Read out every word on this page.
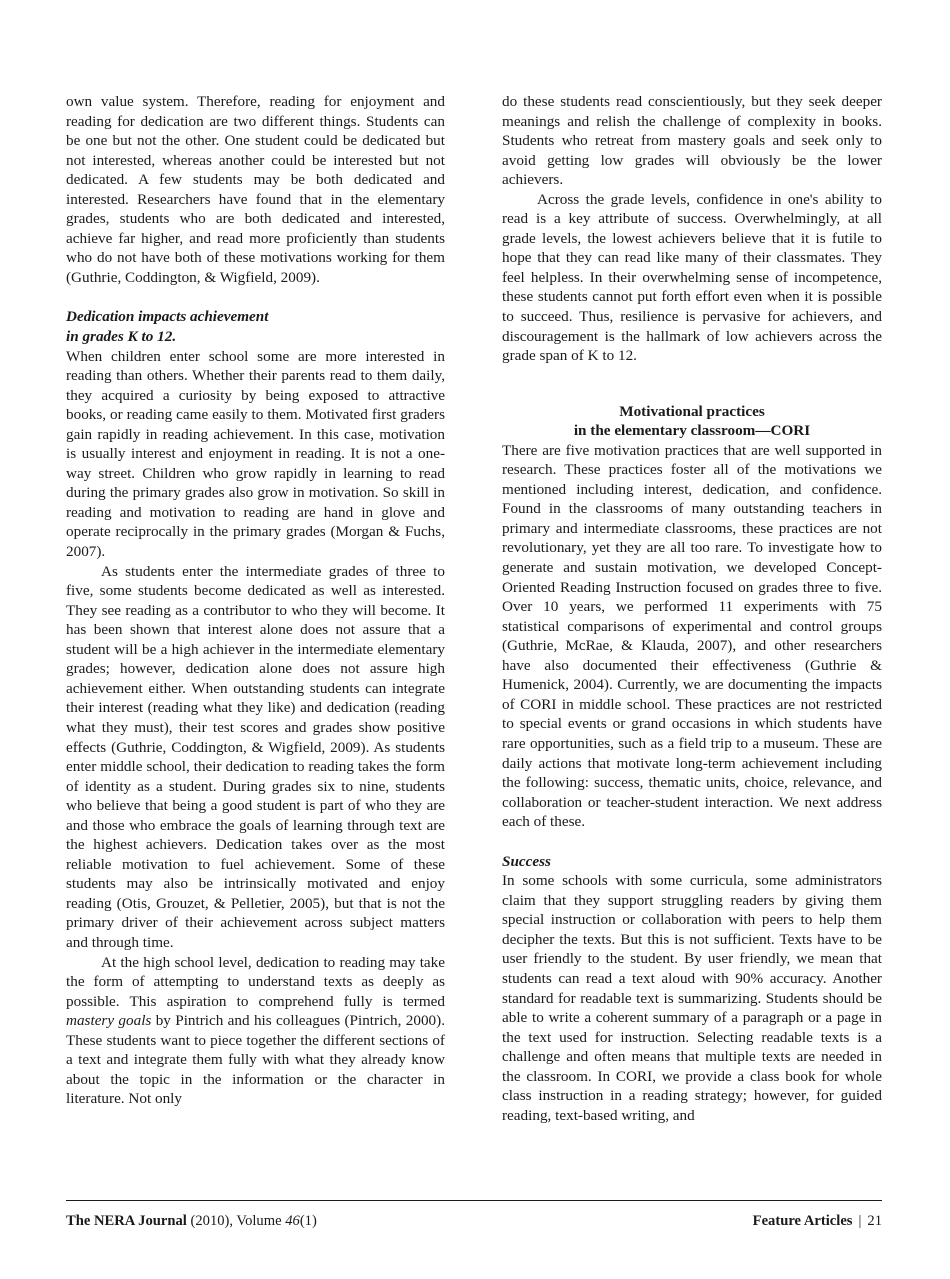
own value system. Therefore, reading for enjoyment and reading for dedication are two different things. Students can be one but not the other. One student could be dedicated but not interested, whereas another could be interested but not dedicated. A few students may be both dedicated and interested. Researchers have found that in the elementary grades, students who are both dedicated and interested, achieve far higher, and read more proficiently than students who do not have both of these motivations working for them (Guthrie, Coddington, & Wigfield, 2009).

Dedication impacts achievement
in grades K to 12.

When children enter school some are more interested in reading than others. Whether their parents read to them daily, they acquired a curiosity by being exposed to attractive books, or reading came easily to them. Motivated first graders gain rapidly in reading achievement. In this case, motivation is usually interest and enjoyment in reading. It is not a one-way street. Children who grow rapidly in learning to read during the primary grades also grow in motivation. So skill in reading and motivation to reading are hand in glove and operate reciprocally in the primary grades (Morgan & Fuchs, 2007).

As students enter the intermediate grades of three to five, some students become dedicated as well as interested. They see reading as a contributor to who they will become. It has been shown that interest alone does not assure that a student will be a high achiever in the intermediate elementary grades; however, dedication alone does not assure high achievement either. When outstanding students can integrate their interest (reading what they like) and dedication (reading what they must), their test scores and grades show positive effects (Guthrie, Coddington, & Wigfield, 2009). As students enter middle school, their dedication to reading takes the form of identity as a student. During grades six to nine, students who believe that being a good student is part of who they are and those who embrace the goals of learning through text are the highest achievers. Dedication takes over as the most reliable motivation to fuel achievement. Some of these students may also be intrinsically motivated and enjoy reading (Otis, Grouzet, & Pelletier, 2005), but that is not the primary driver of their achievement across subject matters and through time.

At the high school level, dedication to reading may take the form of attempting to understand texts as deeply as possible. This aspiration to comprehend fully is termed mastery goals by Pintrich and his colleagues (Pintrich, 2000). These students want to piece together the different sections of a text and integrate them fully with what they already know about the topic in the information or the character in literature. Not only

do these students read conscientiously, but they seek deeper meanings and relish the challenge of complexity in books. Students who retreat from mastery goals and seek only to avoid getting low grades will obviously be the lower achievers.

Across the grade levels, confidence in one's ability to read is a key attribute of success. Overwhelmingly, at all grade levels, the lowest achievers believe that it is futile to hope that they can read like many of their classmates. They feel helpless. In their overwhelming sense of incompetence, these students cannot put forth effort even when it is possible to succeed. Thus, resilience is pervasive for achievers, and discouragement is the hallmark of low achievers across the grade span of K to 12.

Motivational practices
in the elementary classroom—CORI

There are five motivation practices that are well supported in research. These practices foster all of the motivations we mentioned including interest, dedication, and confidence. Found in the classrooms of many outstanding teachers in primary and intermediate classrooms, these practices are not revolutionary, yet they are all too rare. To investigate how to generate and sustain motivation, we developed Concept-Oriented Reading Instruction focused on grades three to five. Over 10 years, we performed 11 experiments with 75 statistical comparisons of experimental and control groups (Guthrie, McRae, & Klauda, 2007), and other researchers have also documented their effectiveness (Guthrie & Humenick, 2004). Currently, we are documenting the impacts of CORI in middle school. These practices are not restricted to special events or grand occasions in which students have rare opportunities, such as a field trip to a museum. These are daily actions that motivate long-term achievement including the following: success, thematic units, choice, relevance, and collaboration or teacher-student interaction. We next address each of these.

Success

In some schools with some curricula, some administrators claim that they support struggling readers by giving them special instruction or collaboration with peers to help them decipher the texts. But this is not sufficient. Texts have to be user friendly to the student. By user friendly, we mean that students can read a text aloud with 90% accuracy. Another standard for readable text is summarizing. Students should be able to write a coherent summary of a paragraph or a page in the text used for instruction. Selecting readable texts is a challenge and often means that multiple texts are needed in the classroom. In CORI, we provide a class book for whole class instruction in a reading strategy; however, for guided reading, text-based writing, and

The NERA Journal (2010), Volume 46(1)	Feature Articles | 21
